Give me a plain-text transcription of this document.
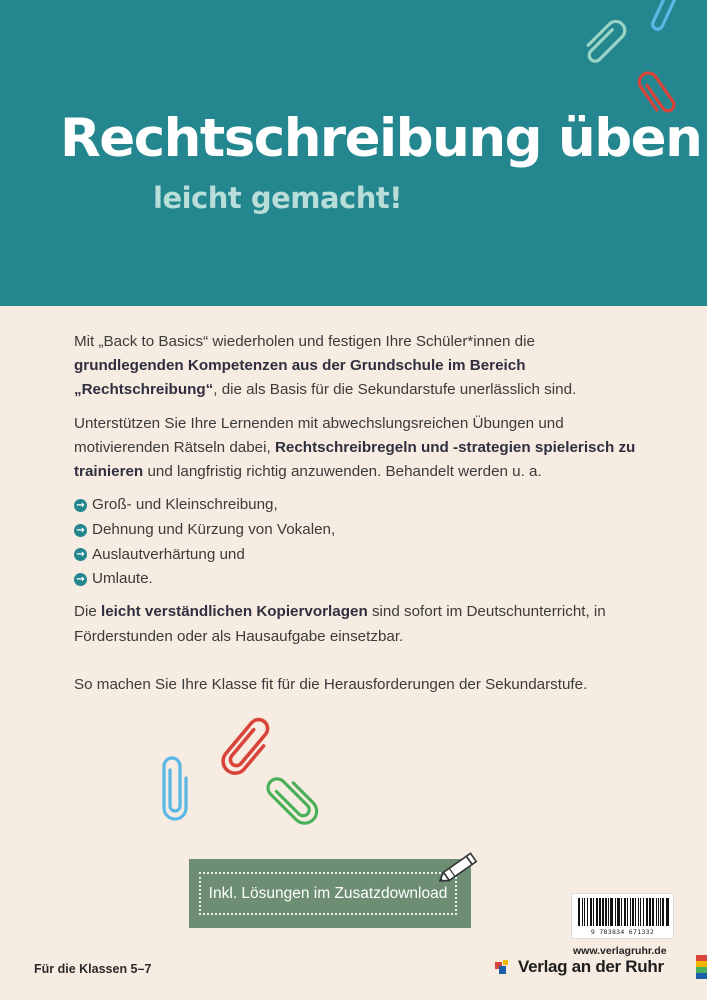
Rechtschreibung üben
leicht gemacht!

Mit „Back to Basics“ wiederholen und festigen Ihre Schüler*innen die grundlegenden Kompetenzen aus der Grundschule im Bereich „Rechtschreibung“, die als Basis für die Sekundarstufe unerlässlich sind.

Unterstützen Sie Ihre Lernenden mit abwechslungsreichen Übungen und motivierenden Rätseln dabei, Rechtschreibregeln und -strategien spielerisch zu trainieren und langfristig richtig anzuwenden. Behandelt werden u. a.

→ Groß- und Kleinschreibung,
→ Dehnung und Kürzung von Vokalen,
→ Auslautverhärtung und
→ Umlaute.

Die leicht verständlichen Kopiervorlagen sind sofort im Deutschunterricht, in Förderstunden oder als Hausaufgabe einsetzbar.

So machen Sie Ihre Klasse fit für die Herausforderungen der Sekundarstufe.

Inkl. Lösungen im Zusatzdownload
Für die Klassen 5–7
9 783834 671332
www.verlagruhr.de
Verlag an der Ruhr
